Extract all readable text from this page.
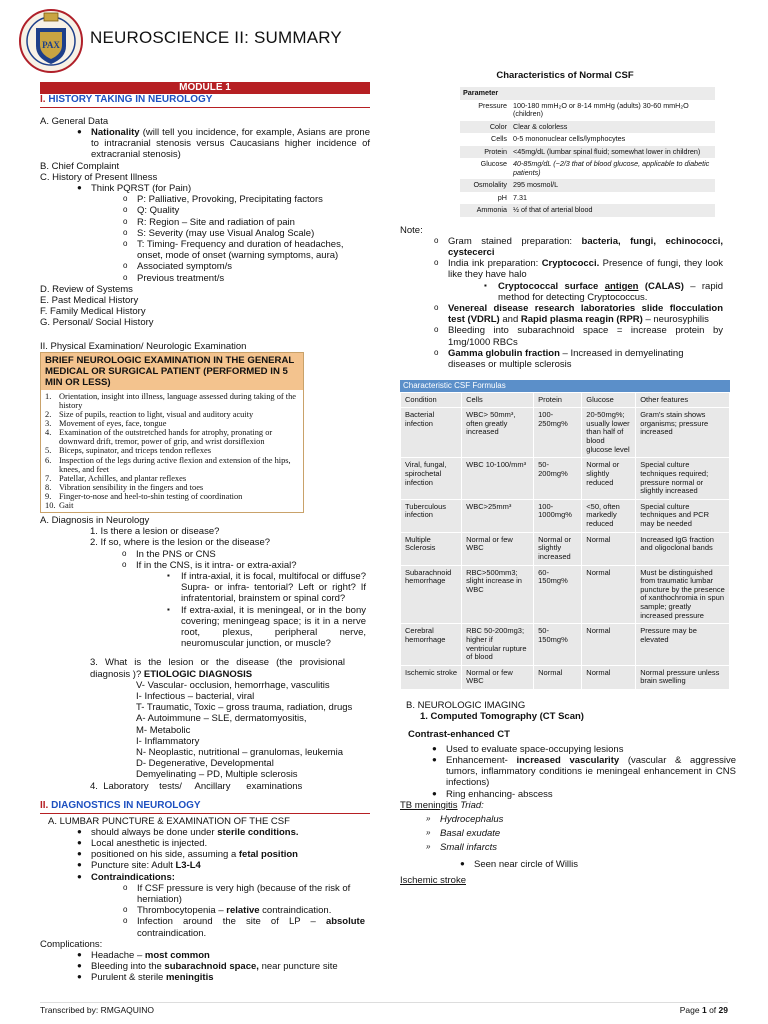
PAX NEUROSCIENCE II: SUMMARY
MODULE 1
I. HISTORY TAKING IN NEUROLOGY
A. General Data
● Nationality (will tell you incidence, for example, Asians are prone to intracranial stenosis versus Caucasians higher incidence of extracranial stenosis)
B. Chief Complaint
C. History of Present Illness
● Think PQRST (for Pain)
o P: Palliative, Provoking, Precipitating factors
o Q: Quality
o R: Region – Site and radiation of pain
o S: Severity (may use Visual Analog Scale)
o T: Timing- Frequency and duration of headaches, onset, mode of onset (warning symptoms, aura)
o Associated symptom/s
o Previous treatment/s
D. Review of Systems
E. Past Medical History
F. Family Medical History
G. Personal/ Social History
II. Physical Examination/ Neurologic Examination
BRIEF NEUROLOGIC EXAMINATION IN THE GENERAL MEDICAL OR SURGICAL PATIENT (PERFORMED IN 5 MIN OR LESS)
1. Orientation, insight into illness, language assessed during taking of the history
2. Size of pupils, reaction to light, visual and auditory acuity
3. Movement of eyes, face, tongue
4. Examination of the outstretched hands for atrophy, pronating or downward drift, tremor, power of grip, and wrist dorsiflexion
5. Biceps, supinator, and triceps tendon reflexes
6. Inspection of the legs during active flexion and extension of the hips, knees, and feet
7. Patellar, Achilles, and plantar reflexes
8. Vibration sensibility in the fingers and toes
9. Finger-to-nose and heel-to-shin testing of coordination
10. Gait
A. Diagnosis in Neurology
1. Is there a lesion or disease?
2. If so, where is the lesion or the disease?
o In the PNS or CNS
o If in the CNS, is it intra- or extra-axial?
▪ If intra-axial, it is focal, multifocal or diffuse? Supra- or infra- tentorial? Left or right? If infratentorial, brainstem or spinal cord?
▪ If extra-axial, it is meningeal, or in the bony covering; meningeag space; is it in a nerve root, plexus, peripheral nerve, neuromuscular junction, or muscle?
3. What is the lesion or the disease (the provisional diagnosis )? ETIOLOGIC DIAGNOSIS
V- Vascular- occlusion, hemorrhage, vasculitis
I- Infectious – bacterial, viral
T- Traumatic, Toxic – gross trauma, radiation, drugs
A- Autoimmune – SLE, dermatomyositis,
M- Metabolic
I- Inflammatory
N- Neoplastic, nutritional – granulomas, leukemia
D- Degenerative, Developmental
Demyelinating – PD, Multiple sclerosis
4.  Laboratory    tests/     Ancillary      examinations
II. DIAGNOSTICS IN NEUROLOGY
A. LUMBAR PUNCTURE & EXAMINATION OF THE CSF
● should always be done under sterile conditions.
● Local anesthetic is injected.
● positioned on his side, assuming a fetal position
● Puncture site: Adult L3-L4
● Contraindications:
o If CSF pressure is very high (because of the risk of herniation)
o Thrombocytopenia – relative contraindication.
o Infection around the site of LP – absolute contraindication.
Complications:
● Headache – most common
● Bleeding into the subarachnoid space, near puncture site
● Purulent & sterile meningitis
Characteristics of Normal CSF
Parameter	
Pressure	100-180 mmH₂O or 8-14 mmHg (adults) 30-60 mmH₂O (children)
Color	Clear & colorless
Cells	0-5 mononuclear cells/lymphocytes
Protein	<45mg/dL (lumbar spinal fluid; somewhat lower in children)
Glucose	40-85mg/dL (~2/3 that of blood glucose, applicable to diabetic patients)
Osmolality	295 mosmol/L
pH	7.31
Ammonia	½ of that of arterial blood
Note:
o Gram stained preparation: bacteria, fungi, echinococci, cystecerci
o India ink preparation: Cryptococci. Presence of fungi, they look like they have halo
▪ Cryptococcal surface antigen (CALAS) – rapid method for detecting Cryptococcus.
o Venereal disease research laboratories slide flocculation test (VDRL) and Rapid plasma reagin (RPR) – neurosyphilis
o Bleeding into subarachnoid space = increase protein by 1mg/1000 RBCs
o Gamma globulin fraction – Increased in demyelinating diseases or multiple sclerosis
Characteristic CSF Formulas
Condition	Cells	Protein	Glucose	Other features
Bacterial infection	WBC> 50mm³, often greatly increased	100-250mg%	20-50mg%; usually lower than half of blood glucose level	Gram's stain shows organisms; pressure increased
Viral, fungal, spirochetal infection	WBC 10-100/mm³	50-200mg%	Normal or slightly reduced	Special culture techniques required; pressure normal or slightly increased
Tuberculous infection	WBC>25mm³	100-1000mg%	<50, often markedly reduced	Special culture techniques and PCR may be needed
Multiple Sclerosis	Normal or few WBC	Normal or slightly increased	Normal	Increased IgG fraction and oligoclonal bands
Subarachnoid hemorrhage	RBC>500mm3; slight increase in WBC	60-150mg%	Normal	Must be distinguished from traumatic lumbar puncture by the presence of xanthochromia in spun sample; greatly increased pressure
Cerebral hemorrhage	RBC 50-200mg3; higher if ventricular rupture of blood	50-150mg%	Normal	Pressure may be elevated
Ischemic stroke	Normal or few WBC	Normal	Normal	Normal pressure unless brain swelling
B. NEUROLOGIC IMAGING
1. Computed Tomography (CT Scan)
Contrast-enhanced CT
● Used to evaluate space-occupying lesions
● Enhancement- increased vascularity (vascular & aggressive tumors, inflammatory conditions ie meningeal enhancement in CNS infections)
● Ring enhancing- abscess
TB meningitis Triad:
» Hydrocephalus
» Basal exudate
» Small infarcts
● Seen near circle of Willis
Ischemic stroke
Transcribed by: RMGAQUINO	Page 1 of 29
